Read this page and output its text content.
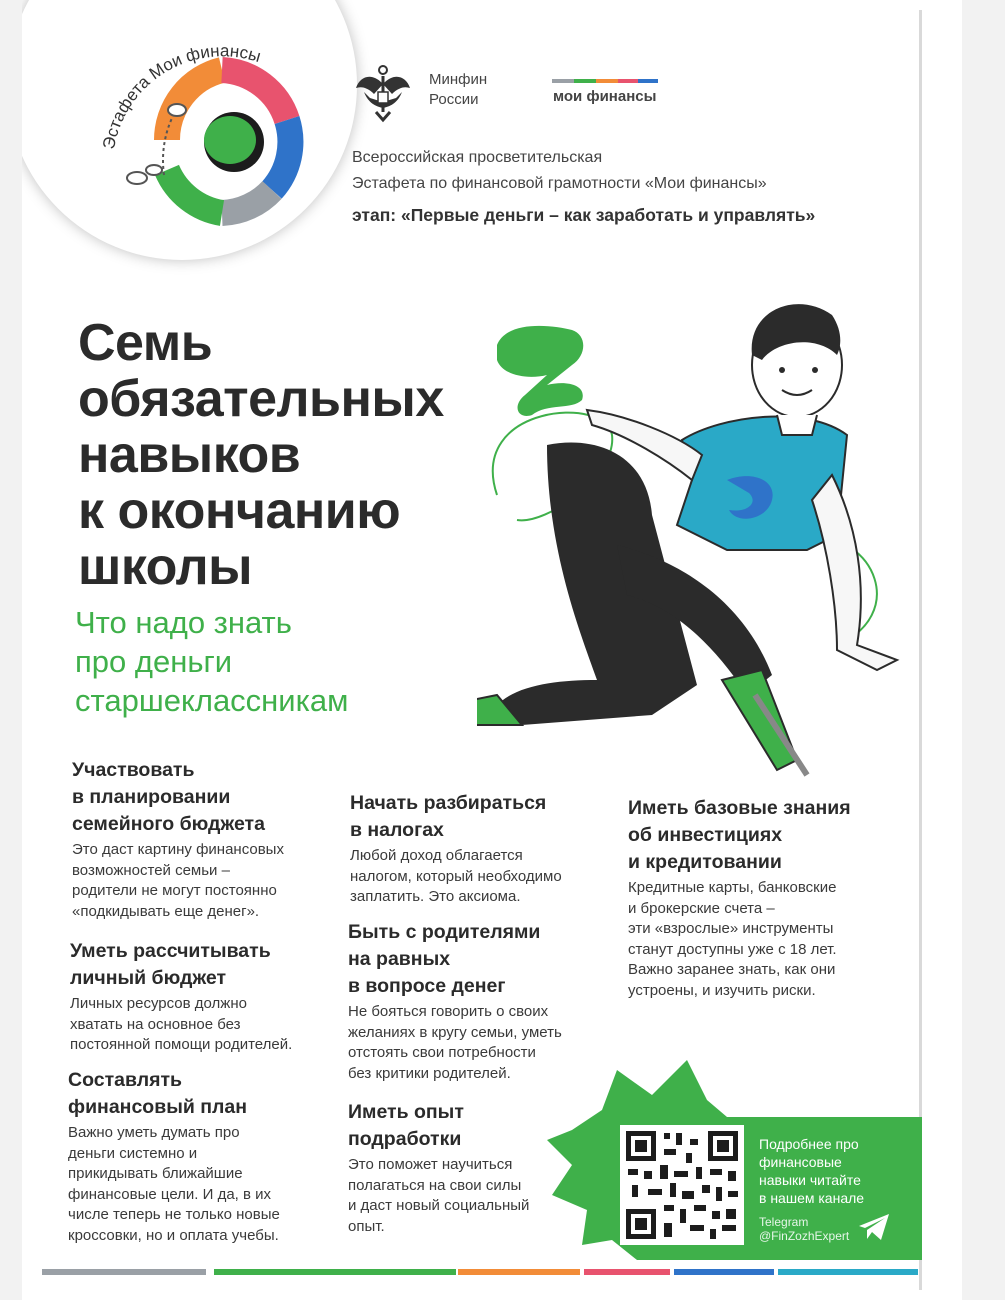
Эстафета Мои финансы
Минфин
России	мои финансы
Всероссийская просветительская
Эстафета по финансовой грамотности «Мои финансы»
этап: «Первые деньги – как заработать и управлять»
Семь
обязательных
навыков
к окончанию
школы
Что надо знать
про деньги
старшеклассникам
Участвовать
в планировании
семейного бюджета

Это даст картину финансовых
возможностей семьи –
родители не могут постоянно
«подкидывать еще денег».

Уметь рассчитывать
личный бюджет

Личных ресурсов должно
хватать на основное без
постоянной помощи родителей.

Составлять
финансовый план

Важно уметь думать про
деньги системно и
прикидывать ближайшие
финансовые цели. И да, в их
числе теперь не только новые
кроссовки, но и оплата учебы.

Начать разбираться
в налогах

Любой доход облагается
налогом, который необходимо
заплатить. Это аксиома.

Быть с родителями
на равных
в вопросе денег

Не бояться говорить о своих
желаниях в кругу семьи, уметь
отстоять свои потребности
без критики родителей.

Иметь опыт
подработки

Это поможет научиться
полагаться на свои силы
и даст новый социальный
опыт.

Иметь базовые знания
об инвестициях
и кредитовании

Кредитные карты, банковские
и брокерские счета –
эти «взрослые» инструменты
станут доступны уже с 18 лет.
Важно заранее знать, как они
устроены, и изучить риски.

Подробнее про
финансовые
навыки читайте
в нашем канале
Telegram
@FinZozhExpert
